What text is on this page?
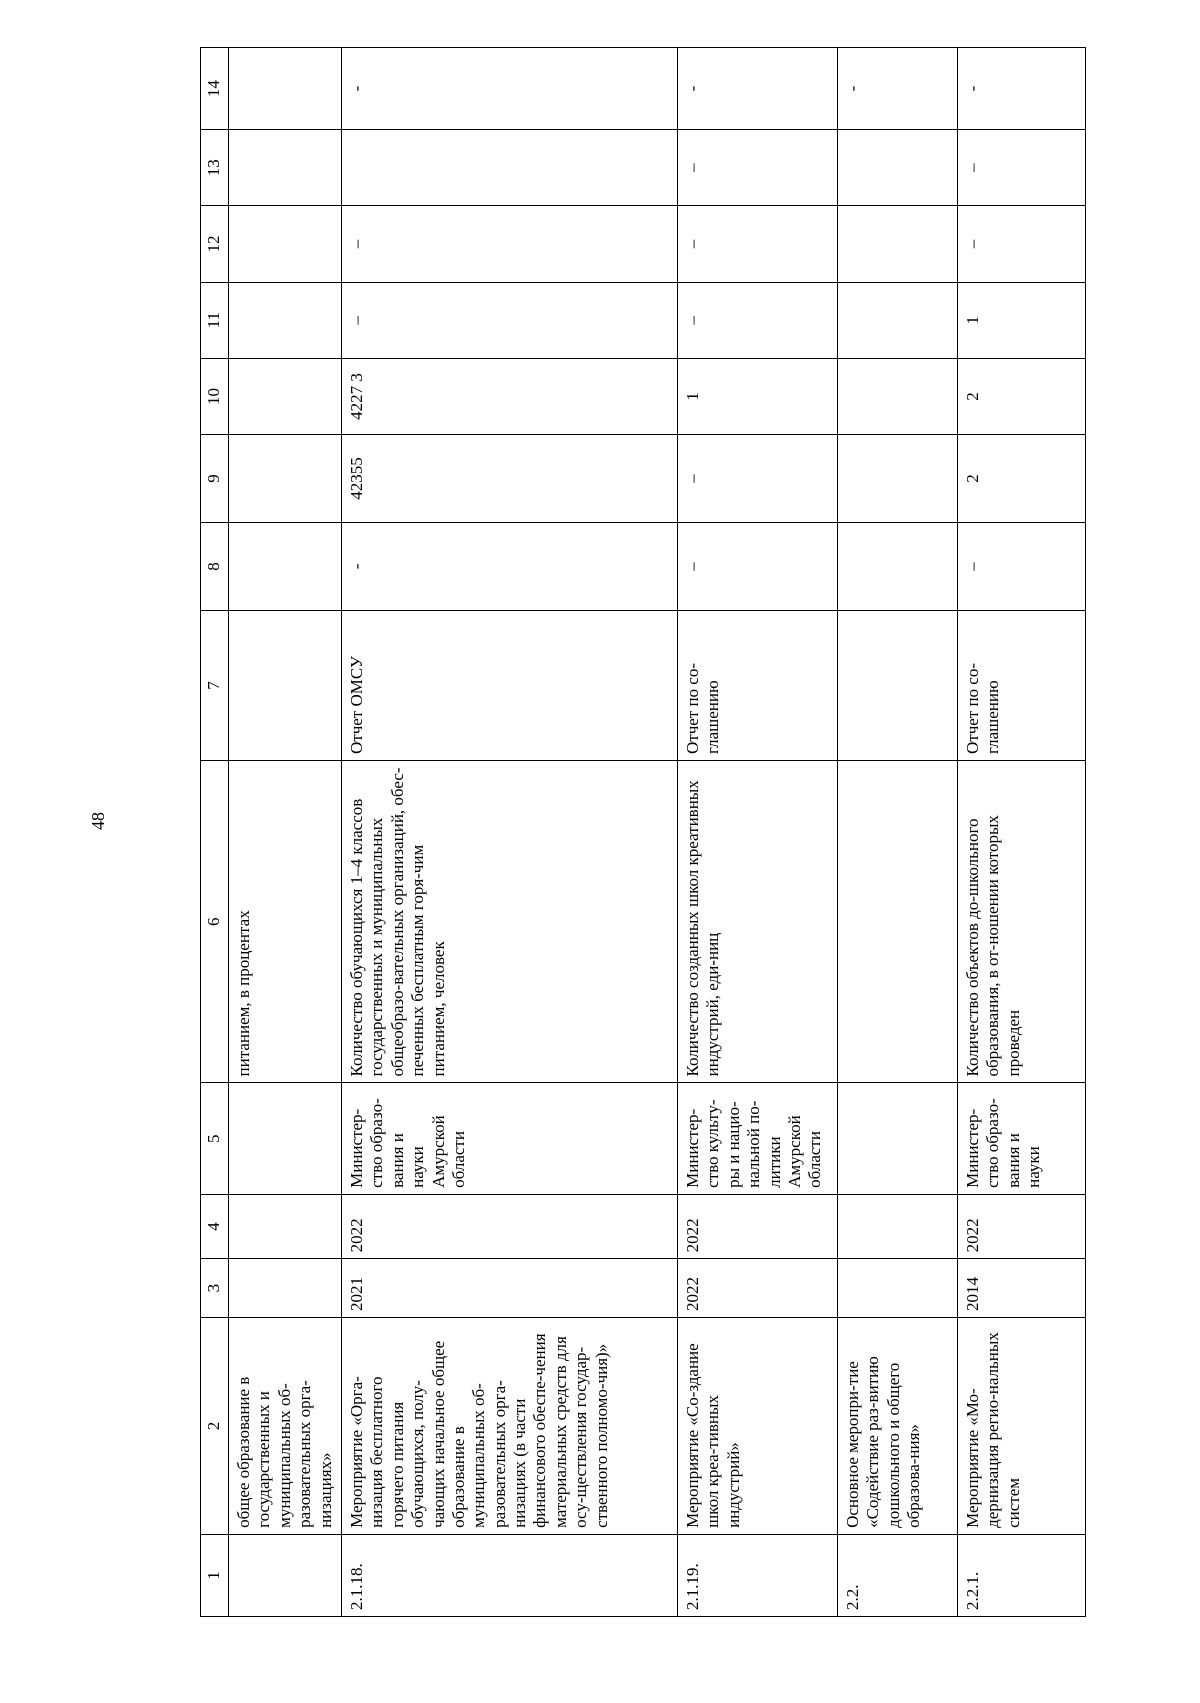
48
1	2	3	4	5	6	7	8	9	10	11	12	13	14
	общее образование в государственных и муниципальных об-разовательных орга-низациях»				питанием, в процентах								
2.1.18.	Мероприятие «Орга-низация бесплатного горячего питания обучающихся, полу-чающих начальное общее образование в муниципальных об-разовательных орга-низациях (в части финансового обеспе-чения материальных средств для осу-ществления государ-ственного полномо-чия)»	2021	2022	Министер-ство образо-вания и науки Амурской области	Количество обучающихся 1–4 классов государственных и муниципальных общеобразо-вательных организаций, обес-печенных бесплатным горя-чим питанием, человек	Отчет ОМСУ	-	42355	4227 3	–	–		-
2.1.19.	Мероприятие «Со-здание школ креа-тивных индустрий»	2022	2022	Министер-ство культу-ры и нацио-нальной по-литики Амурской области	Количество созданных школ креативных индустрий, еди-ниц	Отчет по со-глашению	–	–	1	–	–	–	-
2.2.	Основное меропри-тие «Содействие раз-витию дошкольного и общего образова-ния»												-
2.2.1.	Мероприятие «Мо-дернизация регио-нальных систем	2014	2022	Министер-ство образо-вания и науки	Количество объектов до-школьного образования, в от-ношении которых проведен	Отчет по со-глашению	–	2	2	1	–	–	-
